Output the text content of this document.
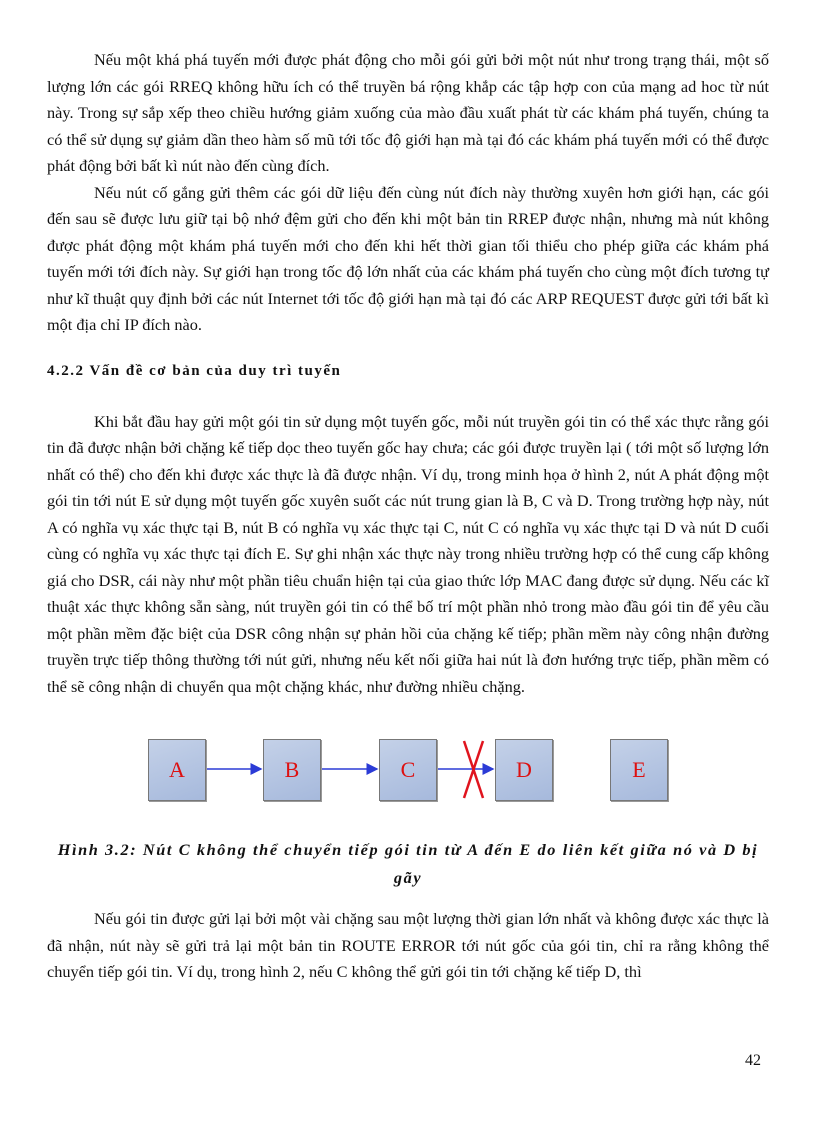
Nếu một khá phá tuyến mới được phát động cho mỗi gói gửi bởi một nút như trong trạng thái, một số lượng lớn các gói RREQ không hữu ích có thể truyền bá rộng khắp các tập hợp con của mạng ad hoc từ nút này. Trong sự sắp xếp theo chiều hướng giảm xuống của mào đầu xuất phát từ các khám phá tuyến, chúng ta có thể sử dụng sự giảm dần theo hàm số mũ tới tốc độ giới hạn mà tại đó các khám phá tuyến mới có thể được phát động bởi bất kì nút nào đến cùng đích.

Nếu nút cố gắng gửi thêm các gói dữ liệu đến cùng nút đích này thường xuyên hơn giới hạn, các gói đến sau sẽ được lưu giữ tại bộ nhớ đệm gửi cho đến khi một bản tin RREP được nhận, nhưng mà nút không được phát động một khám phá tuyến mới cho đến khi hết thời gian tối thiểu cho phép giữa các khám phá tuyến mới tới đích này. Sự giới hạn trong tốc độ lớn nhất của các khám phá tuyến cho cùng một đích tương tự như kĩ thuật quy định bởi các nút Internet tới tốc độ giới hạn mà tại đó các ARP REQUEST được gửi tới bất kì một địa chỉ IP đích nào.

4.2.2 Vấn đề cơ bản của duy trì tuyến

Khi bắt đầu hay gửi một gói tin sử dụng một tuyến gốc, mỗi nút truyền gói tin có thể xác thực rằng gói tin đã được nhận bởi chặng kế tiếp dọc theo tuyến gốc hay chưa; các gói được truyền lại ( tới một số lượng lớn nhất có thể) cho đến khi được xác thực là đã được nhận. Ví dụ, trong minh họa ở hình 2, nút A phát động một gói tin tới nút E sử dụng một tuyến gốc xuyên suốt các nút trung gian là B, C và D. Trong trường hợp này, nút A có nghĩa vụ xác thực tại B, nút B có nghĩa vụ xác thực tại C, nút C có nghĩa vụ xác thực tại D và nút D cuối cùng có nghĩa vụ xác thực tại đích E. Sự ghi nhận xác thực này trong nhiều trường hợp có thể cung cấp không giá cho DSR, cái này như một phần tiêu chuẩn hiện tại của giao thức lớp MAC đang được sử dụng. Nếu các kĩ thuật xác thực không sẵn sàng, nút truyền gói tin có thể bố trí một phần nhỏ trong mào đầu gói tin để yêu cầu một phần mềm đặc biệt của DSR công nhận sự phản hồi của chặng kế tiếp; phần mềm này công nhận đường truyền trực tiếp thông thường tới nút gửi, nhưng nếu kết nối giữa hai nút là đơn hướng trực tiếp, phần mềm có thể sẽ công nhận di chuyển qua một chặng khác, như đường nhiều chặng.

A	B	C	D	E
Hình 3.2: Nút C không thể chuyển tiếp gói tin từ A đến E do liên kết giữa nó và D bị gãy

Nếu gói tin được gửi lại bởi một vài chặng sau một lượng thời gian lớn nhất và không được xác thực là đã nhận, nút này sẽ gửi trả lại một bản tin ROUTE ERROR tới nút gốc của gói tin, chỉ ra rằng không thể chuyển tiếp gói tin. Ví dụ, trong hình 2, nếu C không thể gửi gói tin tới chặng kế tiếp D, thì

42
